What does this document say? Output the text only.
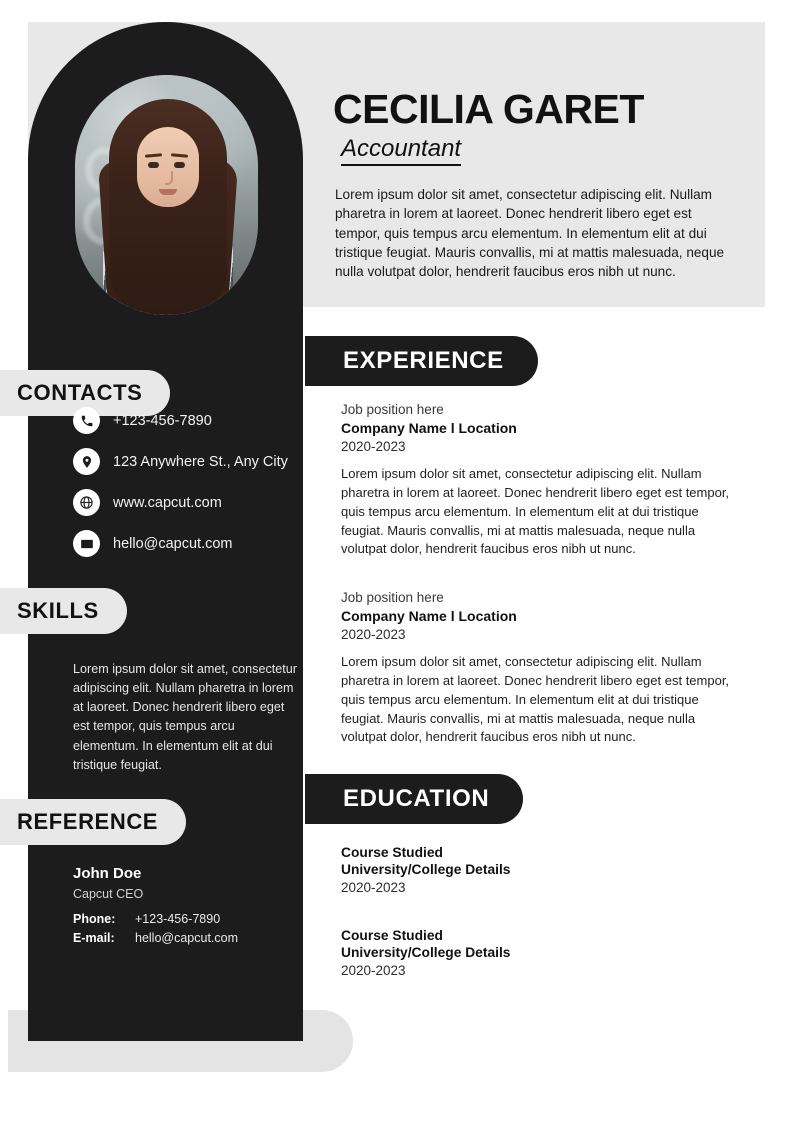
CONTACTS
+123-456-7890
123 Anywhere St., Any City
www.capcut.com
hello@capcut.com
SKILLS
Lorem ipsum dolor sit amet, consectetur adipiscing elit. Nullam pharetra in lorem at laoreet. Donec hendrerit libero eget est tempor, quis tempus arcu elementum. In elementum elit at dui tristique feugiat.
REFERENCE
John Doe
Capcut CEO
Phone:	+123-456-7890
E-mail:	hello@capcut.com
CECILIA GARET
Accountant
Lorem ipsum dolor sit amet, consectetur adipiscing elit. Nullam pharetra in lorem at laoreet. Donec hendrerit libero eget est tempor, quis tempus arcu elementum. In elementum elit at dui tristique feugiat. Mauris convallis, mi at mattis malesuada, neque nulla volutpat dolor, hendrerit faucibus eros nibh ut nunc.
EXPERIENCE
Job position here
Company Name l Location
2020-2023
Lorem ipsum dolor sit amet, consectetur adipiscing elit. Nullam pharetra in lorem at laoreet. Donec hendrerit libero eget est tempor, quis tempus arcu elementum. In elementum elit at dui tristique feugiat. Mauris convallis, mi at mattis malesuada, neque nulla volutpat dolor, hendrerit faucibus eros nibh ut nunc.
Job position here
Company Name l Location
2020-2023
Lorem ipsum dolor sit amet, consectetur adipiscing elit. Nullam pharetra in lorem at laoreet. Donec hendrerit libero eget est tempor, quis tempus arcu elementum. In elementum elit at dui tristique feugiat. Mauris convallis, mi at mattis malesuada, neque nulla volutpat dolor, hendrerit faucibus eros nibh ut nunc.
EDUCATION
Course Studied
University/College Details
2020-2023
Course Studied
University/College Details
2020-2023
